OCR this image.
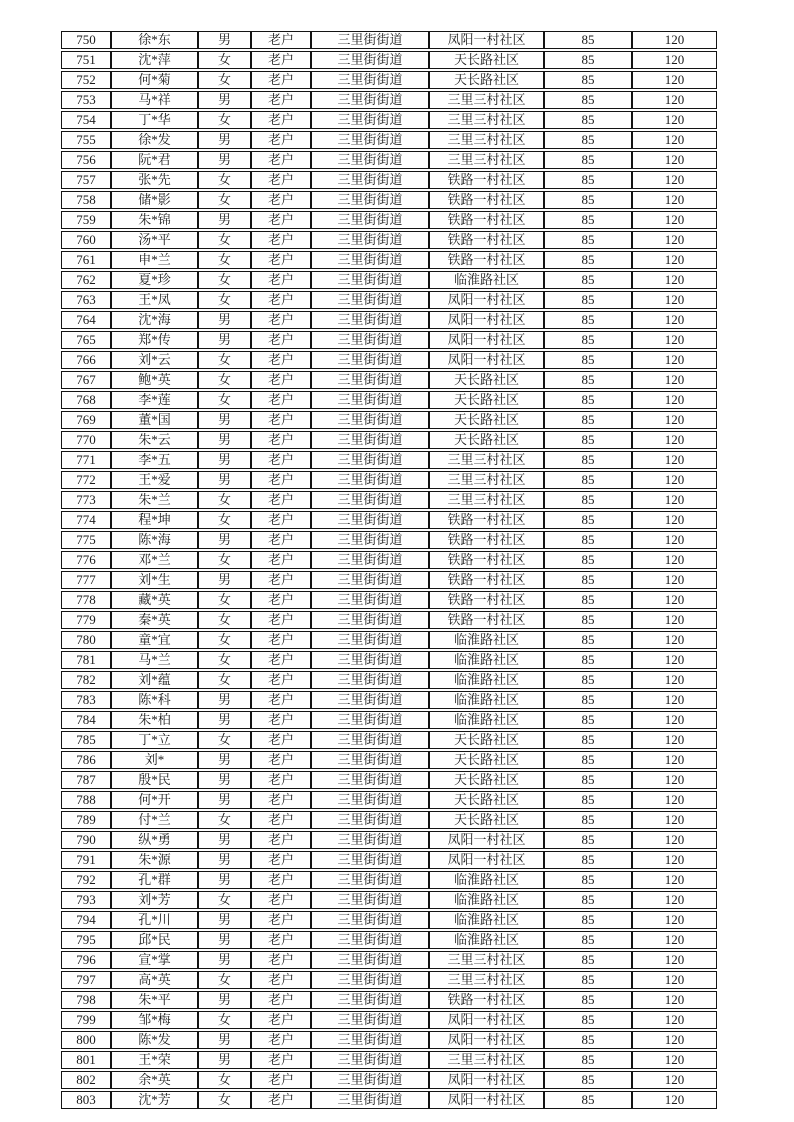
750	徐*东	男	老户	三里街街道	凤阳一村社区	85	120
751	沈*萍	女	老户	三里街街道	天长路社区	85	120
752	何*菊	女	老户	三里街街道	天长路社区	85	120
753	马*祥	男	老户	三里街街道	三里三村社区	85	120
754	丁*华	女	老户	三里街街道	三里三村社区	85	120
755	徐*发	男	老户	三里街街道	三里三村社区	85	120
756	阮*君	男	老户	三里街街道	三里三村社区	85	120
757	张*先	女	老户	三里街街道	铁路一村社区	85	120
758	储*影	女	老户	三里街街道	铁路一村社区	85	120
759	朱*锦	男	老户	三里街街道	铁路一村社区	85	120
760	汤*平	女	老户	三里街街道	铁路一村社区	85	120
761	申*兰	女	老户	三里街街道	铁路一村社区	85	120
762	夏*珍	女	老户	三里街街道	临淮路社区	85	120
763	王*凤	女	老户	三里街街道	凤阳一村社区	85	120
764	沈*海	男	老户	三里街街道	凤阳一村社区	85	120
765	郑*传	男	老户	三里街街道	凤阳一村社区	85	120
766	刘*云	女	老户	三里街街道	凤阳一村社区	85	120
767	鲍*英	女	老户	三里街街道	天长路社区	85	120
768	李*莲	女	老户	三里街街道	天长路社区	85	120
769	董*国	男	老户	三里街街道	天长路社区	85	120
770	朱*云	男	老户	三里街街道	天长路社区	85	120
771	李*五	男	老户	三里街街道	三里三村社区	85	120
772	王*爱	男	老户	三里街街道	三里三村社区	85	120
773	朱*兰	女	老户	三里街街道	三里三村社区	85	120
774	程*坤	女	老户	三里街街道	铁路一村社区	85	120
775	陈*海	男	老户	三里街街道	铁路一村社区	85	120
776	邓*兰	女	老户	三里街街道	铁路一村社区	85	120
777	刘*生	男	老户	三里街街道	铁路一村社区	85	120
778	藏*英	女	老户	三里街街道	铁路一村社区	85	120
779	秦*英	女	老户	三里街街道	铁路一村社区	85	120
780	童*宜	女	老户	三里街街道	临淮路社区	85	120
781	马*兰	女	老户	三里街街道	临淮路社区	85	120
782	刘*蕴	女	老户	三里街街道	临淮路社区	85	120
783	陈*科	男	老户	三里街街道	临淮路社区	85	120
784	朱*柏	男	老户	三里街街道	临淮路社区	85	120
785	丁*立	女	老户	三里街街道	天长路社区	85	120
786	刘*	男	老户	三里街街道	天长路社区	85	120
787	殷*民	男	老户	三里街街道	天长路社区	85	120
788	何*开	男	老户	三里街街道	天长路社区	85	120
789	付*兰	女	老户	三里街街道	天长路社区	85	120
790	纵*勇	男	老户	三里街街道	凤阳一村社区	85	120
791	朱*源	男	老户	三里街街道	凤阳一村社区	85	120
792	孔*群	男	老户	三里街街道	临淮路社区	85	120
793	刘*芳	女	老户	三里街街道	临淮路社区	85	120
794	孔*川	男	老户	三里街街道	临淮路社区	85	120
795	邱*民	男	老户	三里街街道	临淮路社区	85	120
796	宣*掌	男	老户	三里街街道	三里三村社区	85	120
797	高*英	女	老户	三里街街道	三里三村社区	85	120
798	朱*平	男	老户	三里街街道	铁路一村社区	85	120
799	邹*梅	女	老户	三里街街道	凤阳一村社区	85	120
800	陈*发	男	老户	三里街街道	凤阳一村社区	85	120
801	王*荣	男	老户	三里街街道	三里三村社区	85	120
802	余*英	女	老户	三里街街道	凤阳一村社区	85	120
803	沈*芳	女	老户	三里街街道	凤阳一村社区	85	120
